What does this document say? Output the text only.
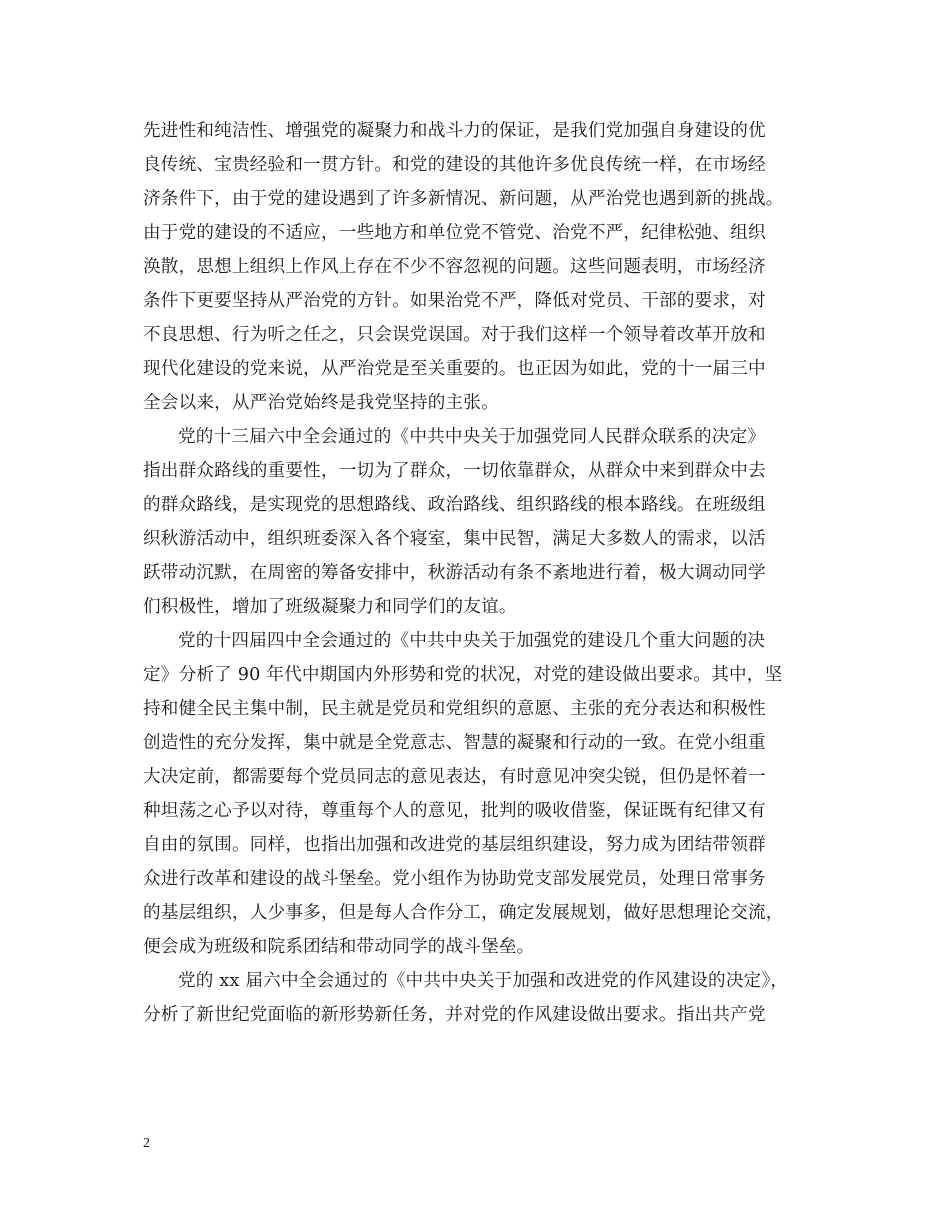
先进性和纯洁性、增强党的凝聚力和战斗力的保证，是我们党加强自身建设的优
良传统、宝贵经验和一贯方针。和党的建设的其他许多优良传统一样，在市场经
济条件下，由于党的建设遇到了许多新情况、新问题，从严治党也遇到新的挑战。
由于党的建设的不适应，一些地方和单位党不管党、治党不严，纪律松弛、组织
涣散，思想上组织上作风上存在不少不容忽视的问题。这些问题表明，市场经济
条件下更要坚持从严治党的方针。如果治党不严，降低对党员、干部的要求，对
不良思想、行为听之任之，只会误党误国。对于我们这样一个领导着改革开放和
现代化建设的党来说，从严治党是至关重要的。也正因为如此，党的十一届三中
全会以来，从严治党始终是我党坚持的主张。
党的十三届六中全会通过的《中共中央关于加强党同人民群众联系的决定》
指出群众路线的重要性，一切为了群众，一切依靠群众，从群众中来到群众中去
的群众路线，是实现党的思想路线、政治路线、组织路线的根本路线。在班级组
织秋游活动中，组织班委深入各个寝室，集中民智，满足大多数人的需求，以活
跃带动沉默，在周密的筹备安排中，秋游活动有条不紊地进行着，极大调动同学
们积极性，增加了班级凝聚力和同学们的友谊。
党的十四届四中全会通过的《中共中央关于加强党的建设几个重大问题的决
定》分析了 90 年代中期国内外形势和党的状况，对党的建设做出要求。其中，坚
持和健全民主集中制，民主就是党员和党组织的意愿、主张的充分表达和积极性
创造性的充分发挥，集中就是全党意志、智慧的凝聚和行动的一致。在党小组重
大决定前，都需要每个党员同志的意见表达，有时意见冲突尖锐，但仍是怀着一
种坦荡之心予以对待，尊重每个人的意见，批判的吸收借鉴，保证既有纪律又有
自由的氛围。同样，也指出加强和改进党的基层组织建设，努力成为团结带领群
众进行改革和建设的战斗堡垒。党小组作为协助党支部发展党员，处理日常事务
的基层组织，人少事多，但是每人合作分工，确定发展规划，做好思想理论交流，
便会成为班级和院系团结和带动同学的战斗堡垒。
党的 xx 届六中全会通过的《中共中央关于加强和改进党的作风建设的决定》，
分析了新世纪党面临的新形势新任务，并对党的作风建设做出要求。指出共产党
2
